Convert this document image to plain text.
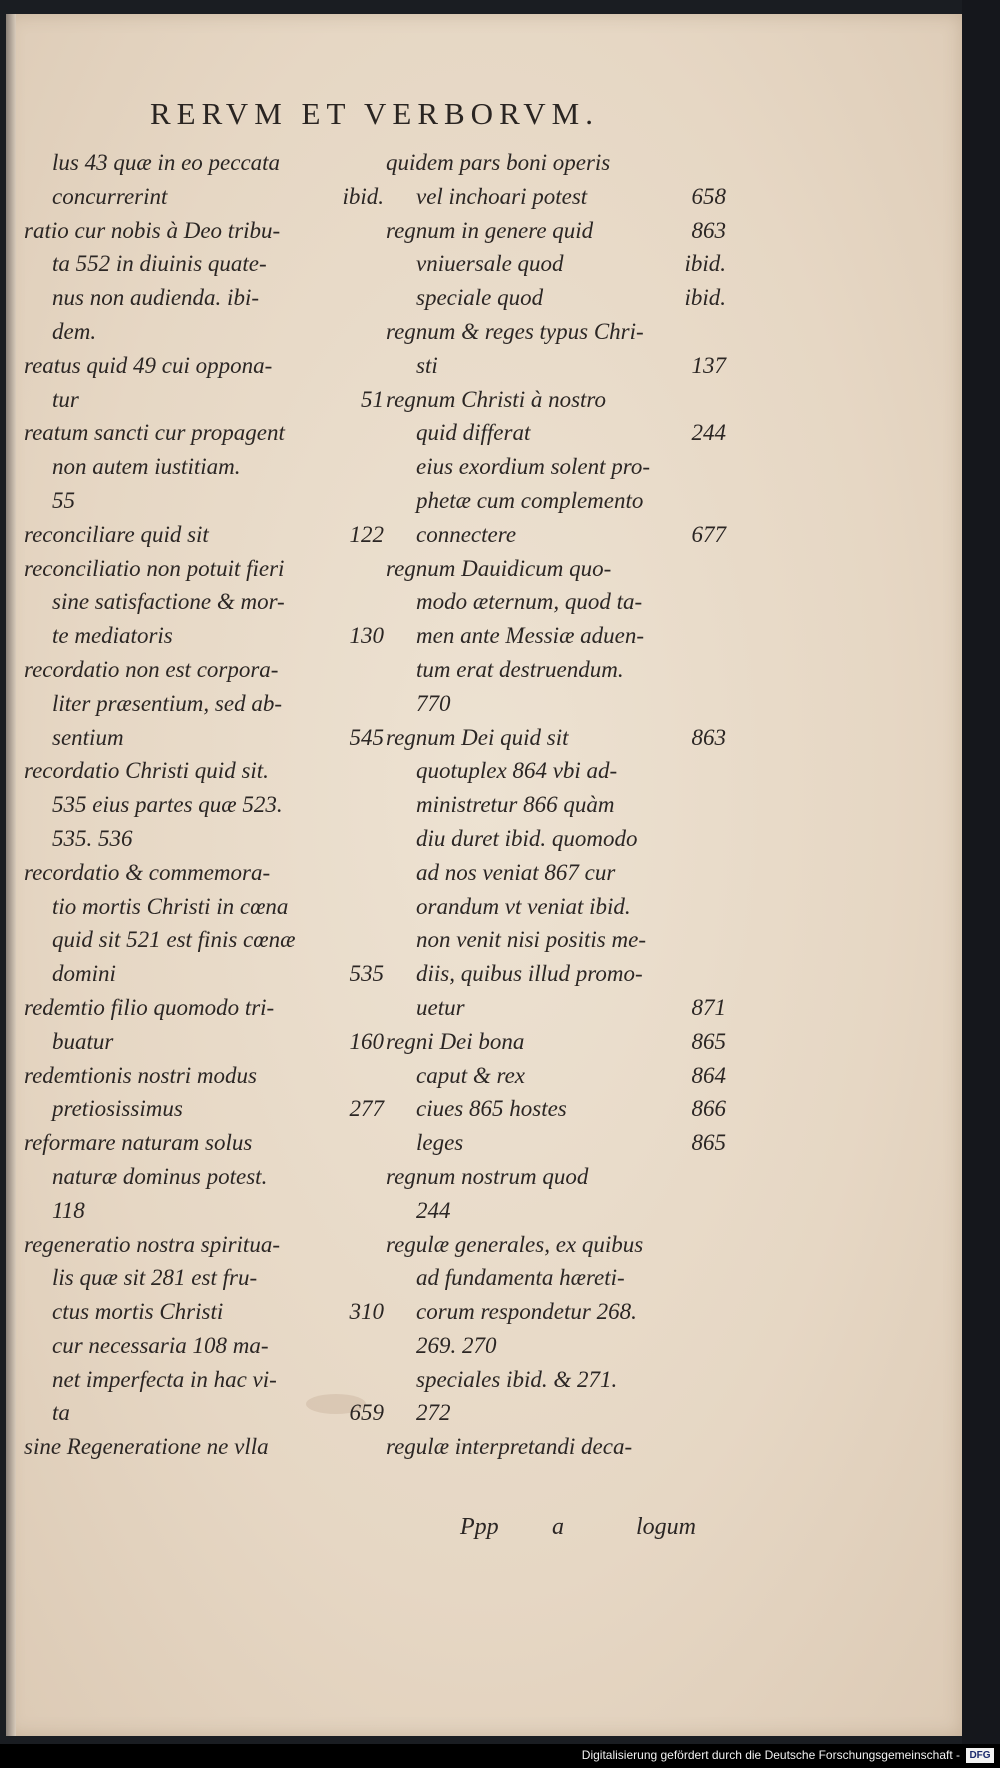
RERVM ET VERBORVM.
lus 43 quæ in eo peccata
concurrerint	ibid.
ratio cur nobis à Deo tribu-
ta 552 in diuinis quate-
nus non audienda. ibi-
dem.
reatus quid 49 cui opponа-
tur	51
reatum sancti cur propagent
non autem iustitiam.
55
reconciliare quid sit	122
reconciliatio non potuit fieri
sine satisfactione & mor-
te mediatoris	130
recordatio non est corpora-
liter præsentium, sed ab-
sentium	545
recordatio Christi quid sit.
535 eius partes quæ 523.
535. 536
recordatio & commemora-
tio mortis Christi in cœna
quid sit 521 est finis cœnæ
domini	535
redemtio filio quomodo tri-
buatur	160
redemtionis nostri modus
pretiosissimus	277
reformare naturam solus
naturæ dominus potest.
118
regeneratio nostra spiritua-
lis quæ sit 281 est fru-
ctus mortis Christi	310
cur necessaria 108 ma-
net imperfecta in hac vi-
ta	659
sine Regeneratione ne vlla
quidem pars boni operis
vel inchoari potest	658
regnum in genere quid	863
vniuersale quod	ibid.
speciale quod	ibid.
regnum & reges typus Chri-
sti	137
regnum Christi à nostro
quid differat	244
eius exordium solent pro-
phetæ cum complemento
connectere	677
regnum Dauidicum quo-
modo æternum, quod ta-
men ante Messiæ aduen-
tum erat destruendum.
770
regnum Dei quid sit	863
quotuplex 864 vbi ad-
ministretur 866 quàm
diu duret ibid. quomodo
ad nos veniat 867 cur
orandum vt veniat ibid.
non venit nisi positis me-
diis, quibus illud promo-
uetur	871
regni Dei bona	865
caput & rex	864
ciues 865 hostes	866
leges	865
regnum nostrum quod
244
regulæ generales, ex quibus
ad fundamenta hæreti-
corum respondetur 268.
269. 270
speciales ibid. & 271.
272
regulæ interpretandi deca-
Ppp a	logum
Digitalisierung gefördert durch die Deutsche Forschungsgemeinschaft - DFG
